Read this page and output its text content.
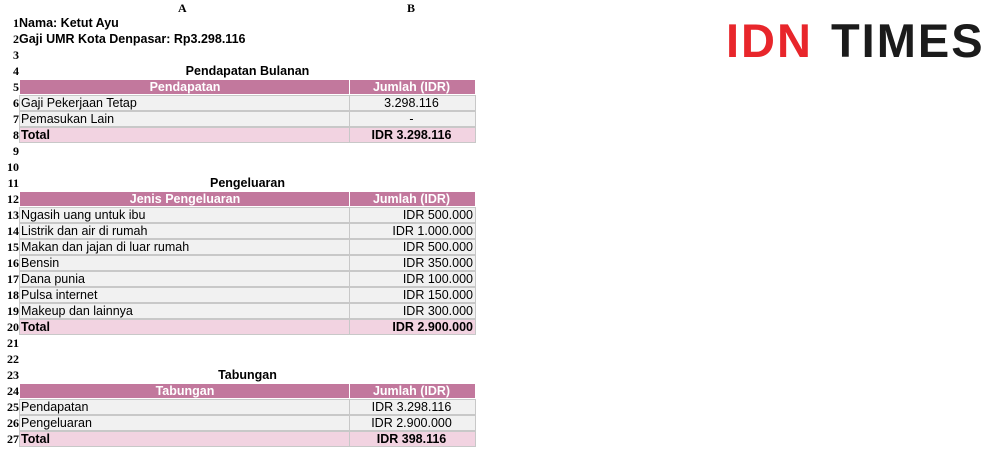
A	B
1 Nama: Ketut Ayu
2 Gaji UMR Kota Denpasar: Rp3.298.116
3
4	Pendapatan Bulanan
5	Pendapatan	Jumlah (IDR)
6 Gaji Pekerjaan Tetap	3.298.116
7 Pemasukan Lain	-
8 Total	IDR 3.298.116
9
10
11	Pengeluaran
12	Jenis Pengeluaran	Jumlah (IDR)
13 Ngasih uang untuk ibu	IDR 500.000
14 Listrik dan air di rumah	IDR 1.000.000
15 Makan dan jajan di luar rumah	IDR 500.000
16 Bensin	IDR 350.000
17 Dana punia	IDR 100.000
18 Pulsa internet	IDR 150.000
19 Makeup dan lainnya	IDR 300.000
20 Total	IDR 2.900.000
21
22
23	Tabungan
24	Tabungan	Jumlah (IDR)
25 Pendapatan	IDR 3.298.116
26 Pengeluaran	IDR 2.900.000
27 Total	IDR 398.116
IDN TIMES
